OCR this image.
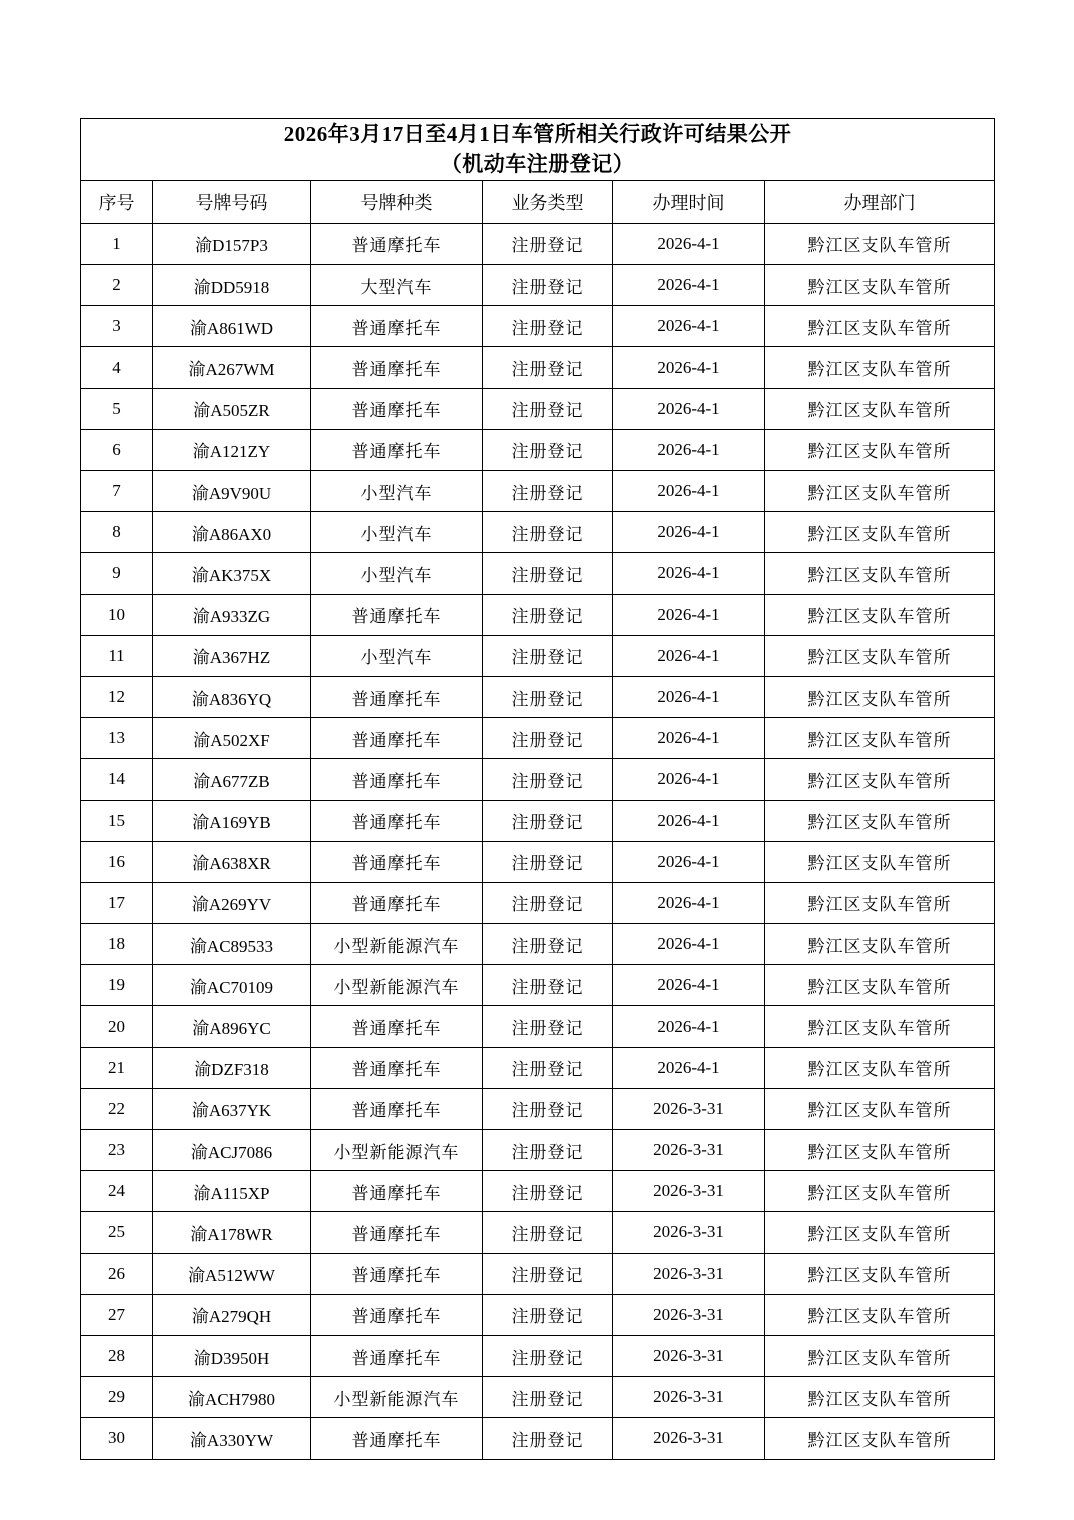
2026年3月17日至4月1日车管所相关行政许可结果公开
（机动车注册登记）					

序号	号牌号码	号牌种类	业务类型	办理时间	办理部门
1	渝D157P3	普通摩托车	注册登记	2026-4-1	黔江区支队车管所
2	渝DD5918	大型汽车	注册登记	2026-4-1	黔江区支队车管所
3	渝A861WD	普通摩托车	注册登记	2026-4-1	黔江区支队车管所
4	渝A267WM	普通摩托车	注册登记	2026-4-1	黔江区支队车管所
5	渝A505ZR	普通摩托车	注册登记	2026-4-1	黔江区支队车管所
6	渝A121ZY	普通摩托车	注册登记	2026-4-1	黔江区支队车管所
7	渝A9V90U	小型汽车	注册登记	2026-4-1	黔江区支队车管所
8	渝A86AX0	小型汽车	注册登记	2026-4-1	黔江区支队车管所
9	渝AK375X	小型汽车	注册登记	2026-4-1	黔江区支队车管所
10	渝A933ZG	普通摩托车	注册登记	2026-4-1	黔江区支队车管所
11	渝A367HZ	小型汽车	注册登记	2026-4-1	黔江区支队车管所
12	渝A836YQ	普通摩托车	注册登记	2026-4-1	黔江区支队车管所
13	渝A502XF	普通摩托车	注册登记	2026-4-1	黔江区支队车管所
14	渝A677ZB	普通摩托车	注册登记	2026-4-1	黔江区支队车管所
15	渝A169YB	普通摩托车	注册登记	2026-4-1	黔江区支队车管所
16	渝A638XR	普通摩托车	注册登记	2026-4-1	黔江区支队车管所
17	渝A269YV	普通摩托车	注册登记	2026-4-1	黔江区支队车管所
18	渝AC89533	小型新能源汽车	注册登记	2026-4-1	黔江区支队车管所
19	渝AC70109	小型新能源汽车	注册登记	2026-4-1	黔江区支队车管所
20	渝A896YC	普通摩托车	注册登记	2026-4-1	黔江区支队车管所
21	渝DZF318	普通摩托车	注册登记	2026-4-1	黔江区支队车管所
22	渝A637YK	普通摩托车	注册登记	2026-3-31	黔江区支队车管所
23	渝ACJ7086	小型新能源汽车	注册登记	2026-3-31	黔江区支队车管所
24	渝A115XP	普通摩托车	注册登记	2026-3-31	黔江区支队车管所
25	渝A178WR	普通摩托车	注册登记	2026-3-31	黔江区支队车管所
26	渝A512WW	普通摩托车	注册登记	2026-3-31	黔江区支队车管所
27	渝A279QH	普通摩托车	注册登记	2026-3-31	黔江区支队车管所
28	渝D3950H	普通摩托车	注册登记	2026-3-31	黔江区支队车管所
29	渝ACH7980	小型新能源汽车	注册登记	2026-3-31	黔江区支队车管所
30	渝A330YW	普通摩托车	注册登记	2026-3-31	黔江区支队车管所
